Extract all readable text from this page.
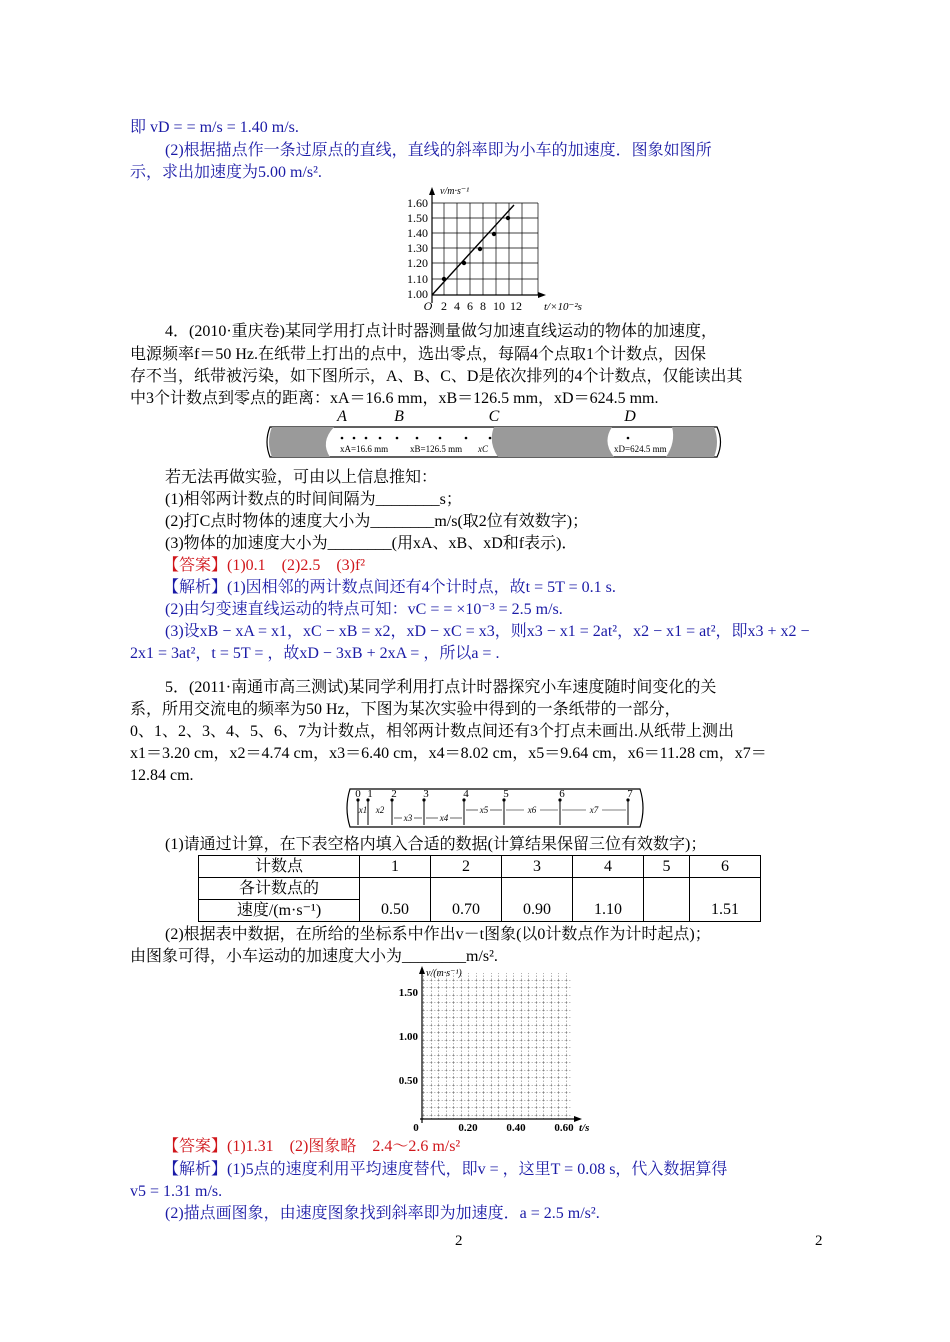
即 vD = = m/s = 1.40 m/s.
(2)根据描点作一条过原点的直线，直线的斜率即为小车的加速度．图象如图所
示，求出加速度为5.00 m/s².
v/m·s⁻¹
1.60
1.50
1.40
1.30
1.20
1.10
1.00
O 2 4 6 8 10 12 t/×10⁻²s
4．(2010·重庆卷)某同学用打点计时器测量做匀加速直线运动的物体的加速度，
电源频率f＝50 Hz.在纸带上打出的点中，选出零点，每隔4个点取1个计数点，因保
存不当，纸带被污染，如下图所示，A、B、C、D是依次排列的4个计数点，仅能读出其
中3个计数点到零点的距离：xA＝16.6 mm，xB＝126.5 mm，xD＝624.5 mm.
A	B	C	D
xA=16.6 mm xB=126.5 mm xC	xD=624.5 mm
若无法再做实验，可由以上信息推知：
(1)相邻两计数点的时间间隔为________s；
(2)打C点时物体的速度大小为________m/s(取2位有效数字)；
(3)物体的加速度大小为________(用xA、xB、xD和f表示)．
【答案】(1)0.1　(2)2.5　(3)f²
【解析】(1)因相邻的两计数点间还有4个计时点，故t = 5T = 0.1 s.
(2)由匀变速直线运动的特点可知：vC = = ×10⁻³ = 2.5 m/s.
(3)设xB − xA = x1，xC − xB = x2，xD − xC = x3，则x3 − x1 = 2at²，x2 − x1 = at²，即x3 + x2 −
2x1 = 3at²，t = 5T = ，故xD − 3xB + 2xA = ，所以a = .
5．(2011·南通市高三测试)某同学利用打点计时器探究小车速度随时间变化的关
系，所用交流电的频率为50 Hz，下图为某次实验中得到的一条纸带的一部分，
0、1、2、3、4、5、6、7为计数点，相邻两计数点间还有3个打点未画出.从纸带上测出
x1＝3.20 cm，x2＝4.74 cm，x3＝6.40 cm，x4＝8.02 cm，x5＝9.64 cm，x6＝11.28 cm，x7＝
12.84 cm.
0 1 2 3	4	5	6	7
x1 x2
x3	x4
x5	x6	x7
(1)请通过计算，在下表空格内填入合适的数据(计算结果保留三位有效数字)；
计数点	1	2	3	4	5	6
各计数点的						
速度/(m·s⁻¹)	0.50	0.70	0.90	1.10		1.51
(2)根据表中数据，在所给的坐标系中作出v－t图象(以0计数点作为计时起点)；
由图象可得，小车运动的加速度大小为________m/s².
v/(m·s⁻¹)
1.50
1.00
0.50
0	0.20	0.40	0.60 t/s
【答案】(1)1.31　(2)图象略　2.4～2.6 m/s²
【解析】(1)5点的速度利用平均速度替代，即v = ，这里T = 0.08 s，代入数据算得
v5 = 1.31 m/s.
(2)描点画图象，由速度图象找到斜率即为加速度．a = 2.5 m/s².
2	2
